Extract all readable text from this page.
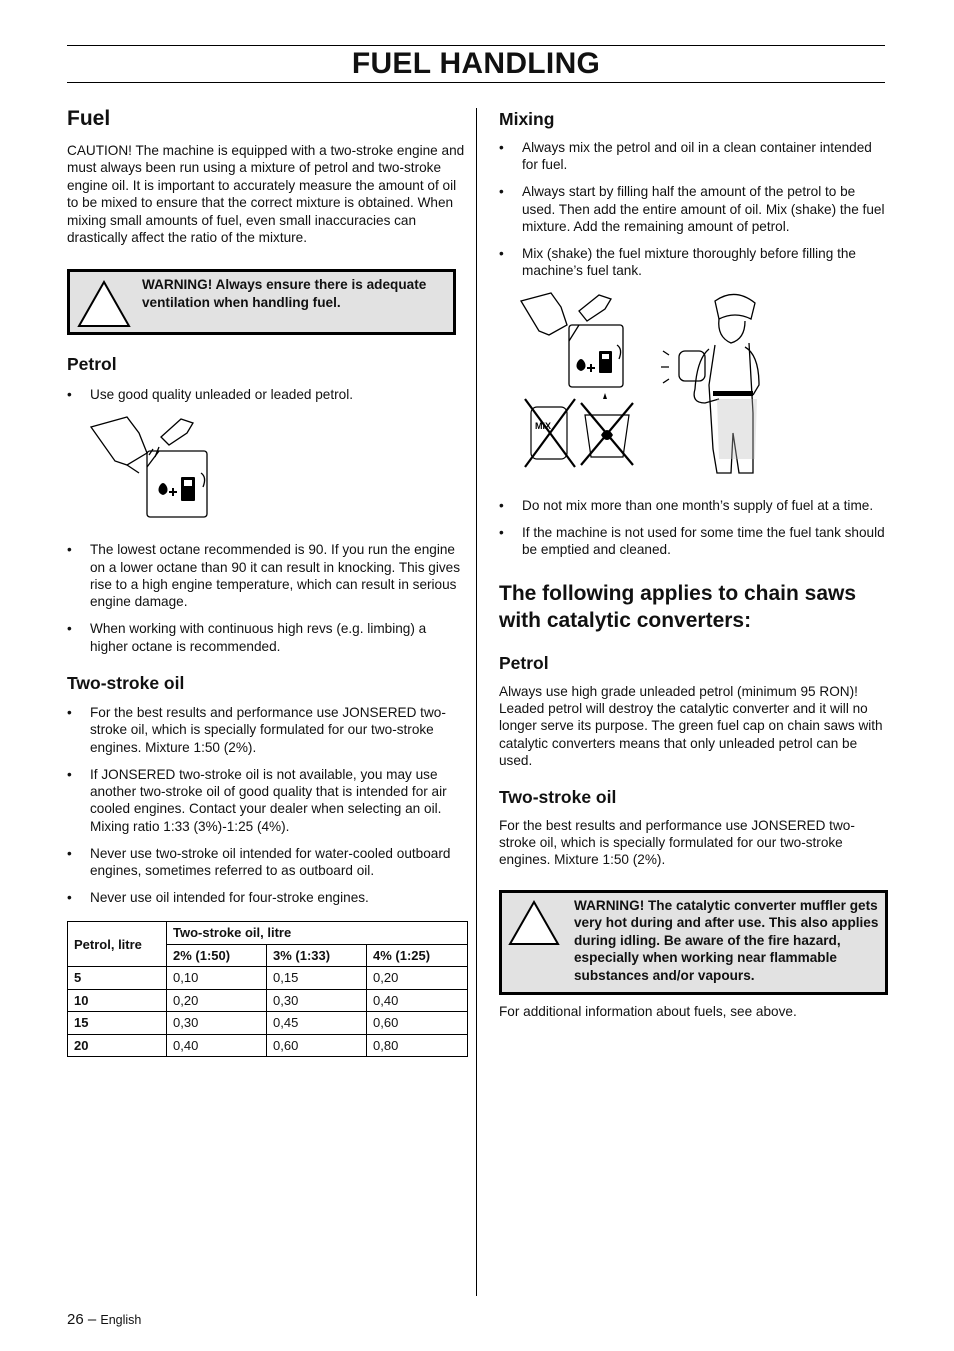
FUEL HANDLING
Fuel

CAUTION! The machine is equipped with a two-stroke engine and must always been run using a mixture of petrol and two-stroke engine oil. It is important to accurately measure the amount of oil to be mixed to ensure that the correct mixture is obtained. When mixing small amounts of fuel, even small inaccuracies can drastically affect the ratio of the mixture.

WARNING! Always ensure there is adequate ventilation when handling fuel.
Petrol
• Use good quality unleaded or leaded petrol.
• The lowest octane recommended is 90. If you run the engine on a lower octane than 90 it can result in knocking. This gives rise to a high engine temperature, which can result in serious engine damage.
• When working with continuous high revs (e.g. limbing) a higher octane is recommended.
Two-stroke oil
• For the best results and performance use JONSERED two-stroke oil, which is specially formulated for our two-stroke engines. Mixture 1:50 (2%).
• If JONSERED two-stroke oil is not available, you may use another two-stroke oil of good quality that is intended for air cooled engines. Contact your dealer when selecting an oil. Mixing ratio 1:33 (3%)-1:25 (4%).
• Never use two-stroke oil intended for water-cooled outboard engines, sometimes referred to as outboard oil.
• Never use oil intended for four-stroke engines.
Petrol, litre	Two-stroke oil, litre		
	2% (1:50)	3% (1:33)	4% (1:25)
5	0,10	0,15	0,20
10	0,20	0,30	0,40
15	0,30	0,45	0,60
20	0,40	0,60	0,80
Mixing
• Always mix the petrol and oil in a clean container intended for fuel.
• Always start by filling half the amount of the petrol to be used. Then add the entire amount of oil. Mix (shake) the fuel mixture. Add the remaining amount of petrol.
• Mix (shake) the fuel mixture thoroughly before filling the machine’s fuel tank.
MIX
• Do not mix more than one month’s supply of fuel at a time.
• If the machine is not used for some time the fuel tank should be emptied and cleaned.
The following applies to chain saws with catalytic converters:
Petrol

Always use high grade unleaded petrol (minimum 95 RON)! Leaded petrol will destroy the catalytic converter and it will no longer serve its purpose. The green fuel cap on chain saws with catalytic converters means that only unleaded petrol can be used.

Two-stroke oil

For the best results and performance use JONSERED two-stroke oil, which is specially formulated for our two-stroke engines. Mixture 1:50 (2%).

WARNING! The catalytic converter muffler gets very hot during and after use. This also applies during idling. Be aware of the fire hazard, especially when working near flammable substances and/or vapours.

For additional information about fuels, see above.

26 – English
